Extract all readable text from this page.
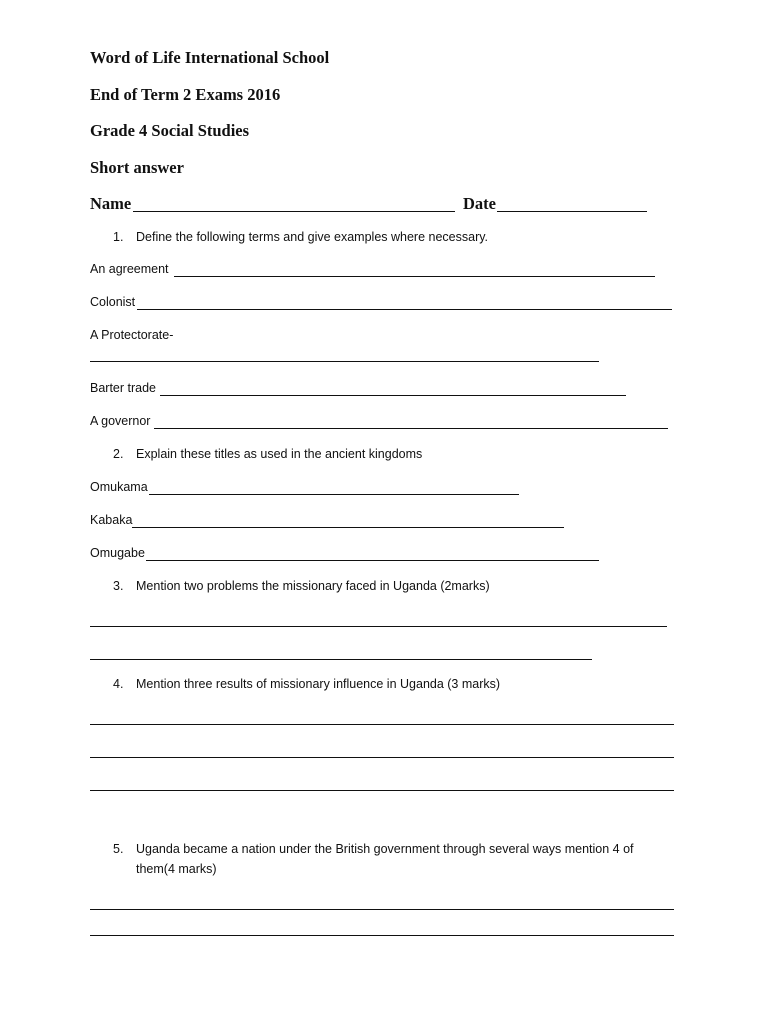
Word of Life International School
End of Term 2 Exams 2016
Grade 4 Social Studies
Short answer
Name	Date
1. Define the following terms and give examples where necessary.
An agreement
Colonist
A Protectorate-
Barter trade
A governor
2. Explain these titles as used in the ancient kingdoms
Omukama
Kabaka
Omugabe
3. Mention two problems the missionary faced in Uganda (2marks)
4. Mention three results of missionary influence in Uganda (3 marks)
5. Uganda became a nation under the British government through several ways mention 4 of
them(4 marks)
